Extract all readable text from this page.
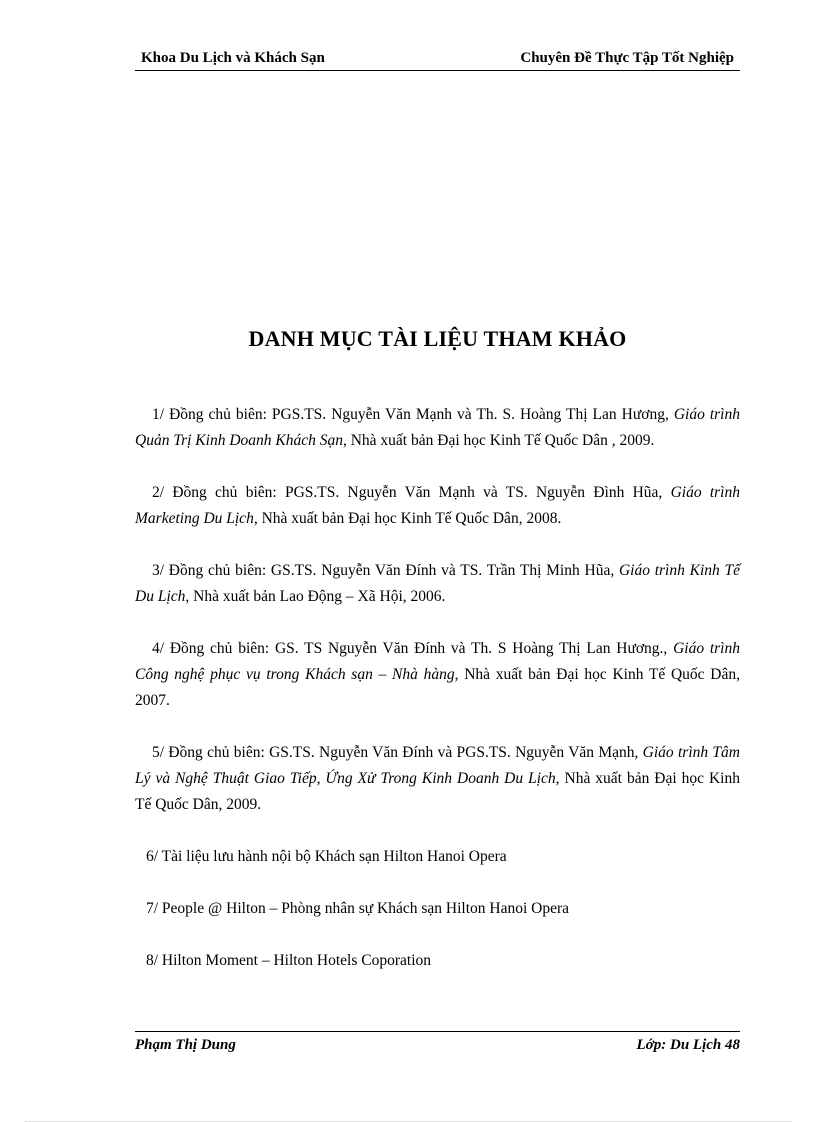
Khoa Du Lịch và Khách Sạn	Chuyên Đề Thực Tập Tốt Nghiệp
DANH MỤC TÀI LIỆU THAM KHẢO

1/ Đồng chủ biên: PGS.TS. Nguyễn Văn Mạnh và Th. S. Hoàng Thị Lan Hương, Giáo trình Quản Trị Kinh Doanh Khách Sạn, Nhà xuất bản Đại học Kinh Tế Quốc Dân , 2009.

2/ Đồng chủ biên: PGS.TS. Nguyễn Văn Mạnh và TS. Nguyễn Đình Hũa, Giáo trình Marketing Du Lịch, Nhà xuất bản Đại học Kinh Tế Quốc Dân, 2008.

3/ Đồng chủ biên: GS.TS. Nguyễn Văn Đính và TS. Trần Thị Minh Hũa, Giáo trình Kinh Tế Du Lịch, Nhà xuất bản Lao Động – Xã Hội, 2006.

4/ Đồng chủ biên: GS. TS Nguyễn Văn Đính và Th. S Hoàng Thị Lan Hương., Giáo trình Công nghệ phục vụ trong Khách sạn – Nhà hàng, Nhà xuất bản Đại học Kinh Tế Quốc Dân, 2007.

5/ Đồng chủ biên: GS.TS. Nguyễn Văn Đính và PGS.TS. Nguyễn Văn Mạnh, Giáo trình Tâm Lý và Nghệ Thuật Giao Tiếp, Ứng Xử Trong Kinh Doanh Du Lịch, Nhà xuất bản Đại học Kinh Tế Quốc Dân, 2009.

6/ Tài liệu lưu hành nội bộ Khách sạn Hilton Hanoi Opera

7/ People @ Hilton – Phòng nhân sự Khách sạn Hilton Hanoi Opera

8/ Hilton Moment – Hilton Hotels Coporation

Phạm Thị Dung	Lớp: Du Lịch 48
